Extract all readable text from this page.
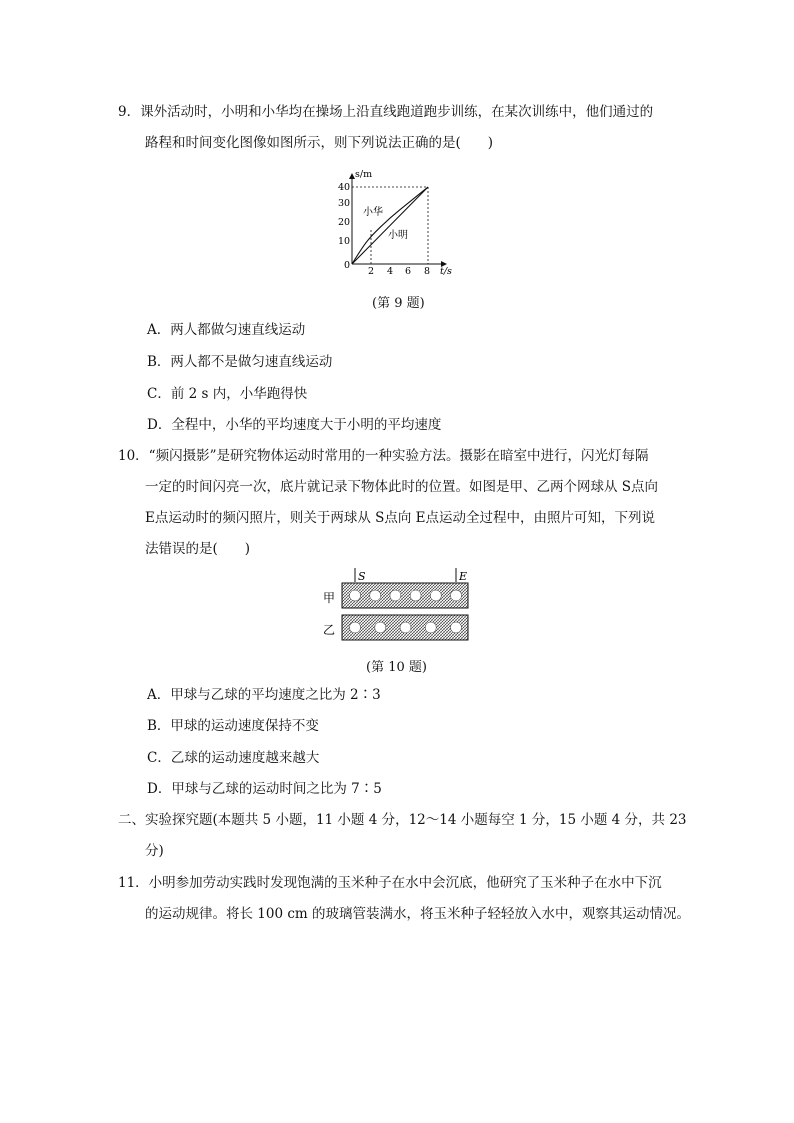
9．课外活动时，小明和小华均在操场上沿直线跑道跑步训练，在某次训练中，他们通过的
路程和时间变化图像如图所示，则下列说法正确的是(　　)
s/m
t/s
0
10
20
30
40
2 4 6 8
小华
小明
(第 9 题)
A．两人都做匀速直线运动
B．两人都不是做匀速直线运动
C．前 2 s 内，小华跑得快
D．全程中，小华的平均速度大于小明的平均速度
10．“频闪摄影”是研究物体运动时常用的一种实验方法。摄影在暗室中进行，闪光灯每隔
一定的时间闪亮一次，底片就记录下物体此时的位置。如图是甲、乙两个网球从 S点向
E点运动时的频闪照片，则关于两球从 S点向 E点运动全过程中，由照片可知，下列说
法错误的是(　　)
S	E
甲
乙
(第 10 题)
A．甲球与乙球的平均速度之比为 2∶3
B．甲球的运动速度保持不变
C．乙球的运动速度越来越大
D．甲球与乙球的运动时间之比为 7∶5
二、实验探究题(本题共 5 小题，11 小题 4 分，12～14 小题每空 1 分，15 小题 4 分，共 23
分)
11．小明参加劳动实践时发现饱满的玉米种子在水中会沉底，他研究了玉米种子在水中下沉
的运动规律。将长 100 cm 的玻璃管装满水，将玉米种子轻轻放入水中，观察其运动情况。
